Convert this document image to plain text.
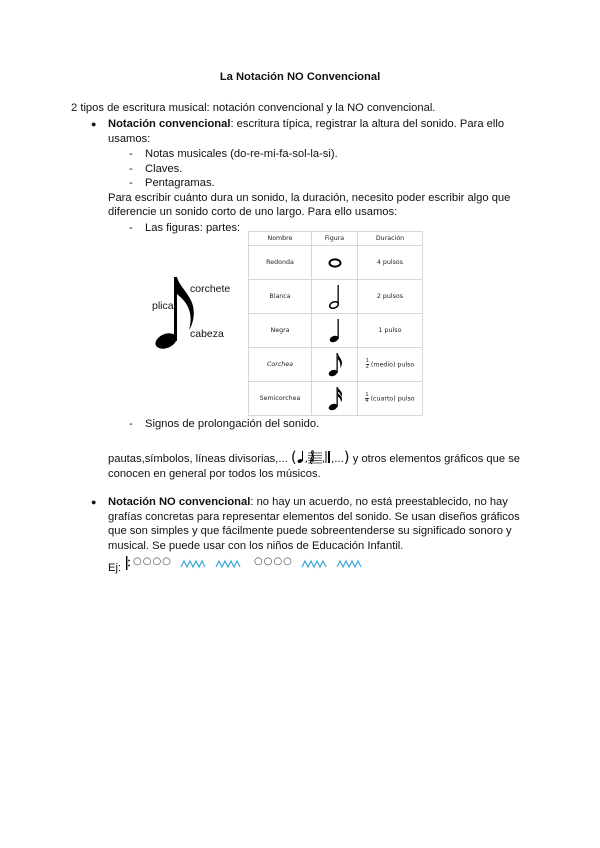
La Notación NO Convencional
2 tipos de escritura musical: notación convencional y la NO convencional.
● Notación convencional: escritura típica, registrar la altura del sonido. Para ello
usamos:
- Notas musicales (do-re-mi-fa-sol-la-si).
- Claves.
- Pentagramas.
Para escribir cuánto dura un sonido, la duración, necesito poder escribir algo que
diferencie un sonido corto de uno largo. Para ello usamos:
- Las figuras: partes:
corchete
plica
cabeza
Nombre	Figura	Duración
Redonda		4 pulsos
Blanca		2 pulsos
Negra		1 pulso
Corchea		$\frac{1}{2}$ (medio) pulso
Semicorchea		$\frac{1}{4}$ (cuarto) pulso
- Signos de prolongación del sonido.
pautas,símbolos, líneas divisorias,... ( , , ,...) y otros elementos gráficos que se
conocen en general por todos los músicos.
● Notación NO convencional: no hay un acuerdo, no está preestablecido, no hay
grafías concretas para representar elementos del sonido. Se usan diseños gráficos
que son simples y que fácilmente puede sobreentenderse su significado sonoro y
musical. Se puede usar con los niños de Educación Infantil.
Ej:
○○○○	○○○○
